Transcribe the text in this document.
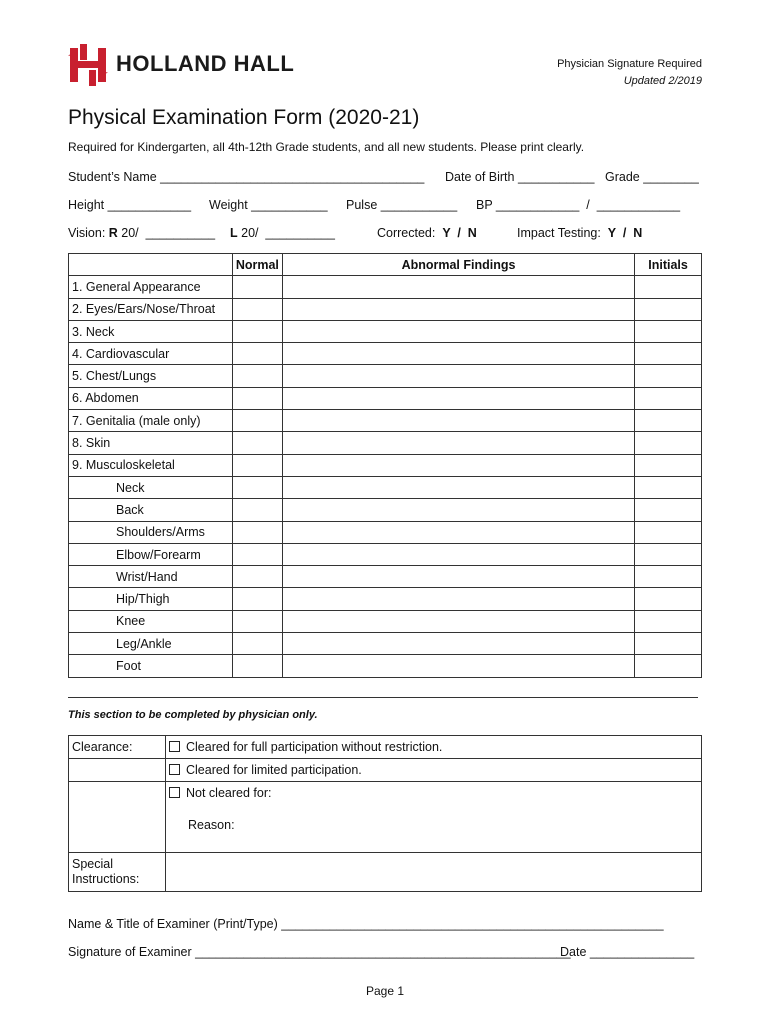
HOLLAND HALL	Physician Signature Required
Updated 2/2019
Physical Examination Form (2020-21)
Required for Kindergarten, all 4th-12th Grade students, and all new students. Please print clearly.
Student’s Name ______________________________________ Date of Birth ___________ Grade ________
Height ____________ Weight ___________ Pulse ___________ BP ____________  /  ____________
Vision: R 20/  __________ L 20/  __________	Corrected:  Y  /  N	Impact Testing:  Y  /  N
	Normal	Abnormal Findings	Initials
1. General Appearance			
2. Eyes/Ears/Nose/Throat			
3. Neck			
4. Cardiovascular			
5. Chest/Lungs			
6. Abdomen			
7. Genitalia (male only)			
8. Skin			
9. Musculoskeletal			
Neck			
Back			
Shoulders/Arms			
Elbow/Forearm			
Wrist/Hand			
Hip/Thigh			
Knee			
Leg/Ankle			
Foot			
This section to be completed by physician only.
Clearance:	Cleared for full participation without restriction.
	Cleared for limited participation.

	Not cleared for:
Reason:

Special Instructions:	
Name & Title of Examiner (Print/Type) _______________________________________________________
Signature of Examiner ______________________________________________________
Date _______________
Page 1
